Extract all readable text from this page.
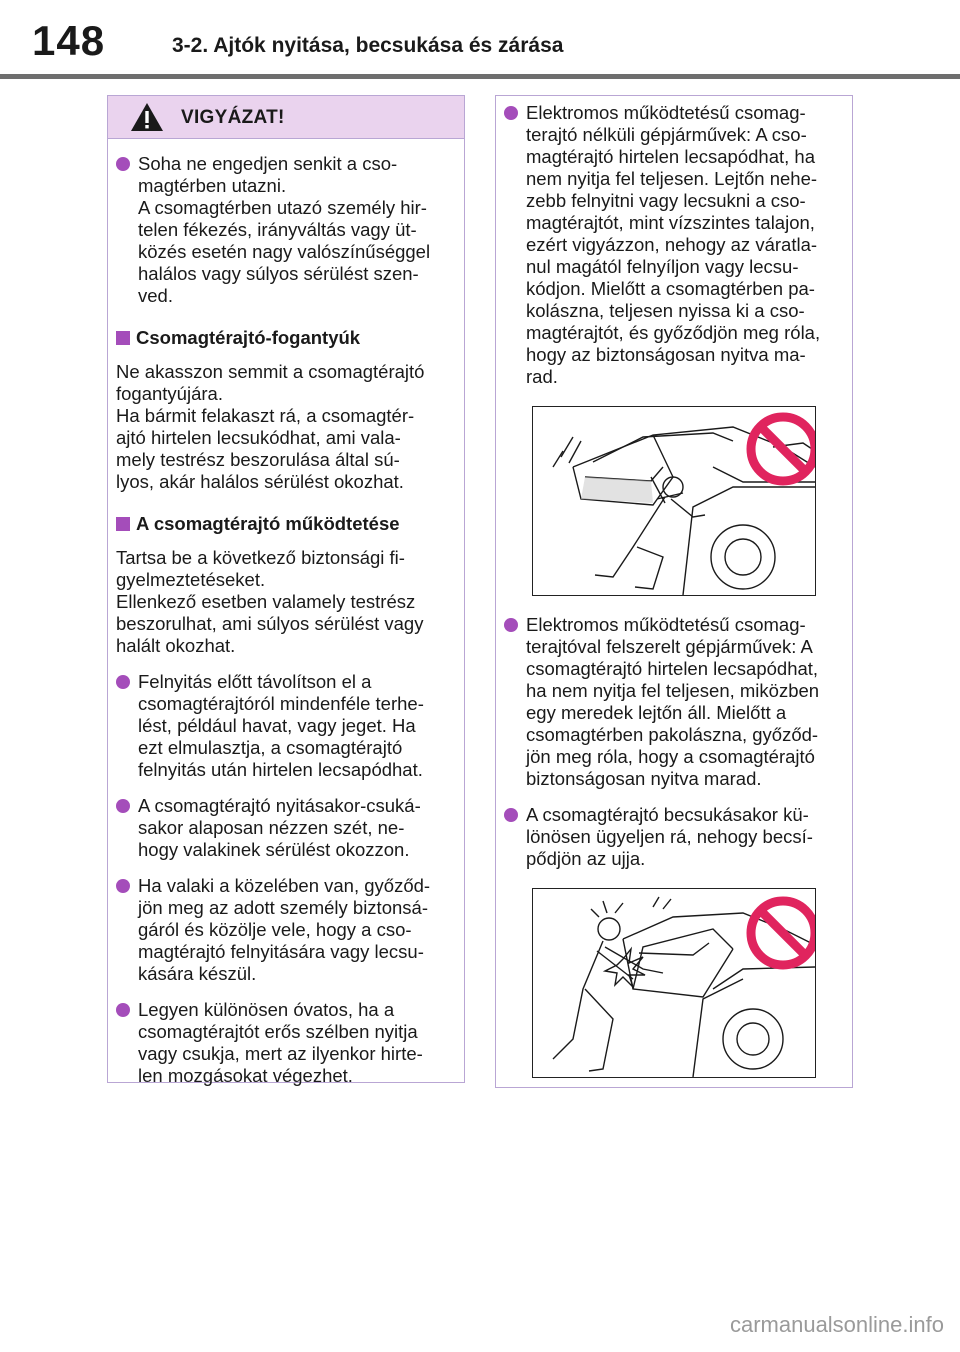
148	3-2. Ajtók nyitása, becsukása és zárása
VIGYÁZAT!
Soha ne engedjen senkit a cso-
magtérben utazni.
A csomagtérben utazó személy hir-
telen fékezés, irányváltás vagy üt-
közés esetén nagy valószínűséggel
halálos vagy súlyos sérülést szen-
ved.
Csomagtérajtó-fogantyúk
Ne akasszon semmit a csomagtérajtó
fogantyújára.
Ha bármit felakaszt rá, a csomagtér-
ajtó hirtelen lecsukódhat, ami vala-
mely testrész beszorulása által sú-
lyos, akár halálos sérülést okozhat.
A csomagtérajtó működtetése
Tartsa be a következő biztonsági fi-
gyelmeztetéseket.
Ellenkező esetben valamely testrész
beszorulhat, ami súlyos sérülést vagy
halált okozhat.
Felnyitás előtt távolítson el a
csomagtérajtóról mindenféle terhe-
lést, például havat, vagy jeget. Ha
ezt elmulasztja, a csomagtérajtó
felnyitás után hirtelen lecsapódhat.
A csomagtérajtó nyitásakor-csuká-
sakor alaposan nézzen szét, ne-
hogy valakinek sérülést okozzon.
Ha valaki a közelében van, győződ-
jön meg az adott személy biztonsá-
gáról és közölje vele, hogy a cso-
magtérajtó felnyitására vagy lecsu-
kására készül.
Legyen különösen óvatos, ha a
csomagtérajtót erős szélben nyitja
vagy csukja, mert az ilyenkor hirte-
len mozgásokat végezhet.
Elektromos működtetésű csomag-
terajtó nélküli gépjárművek: A cso-
magtérajtó hirtelen lecsapódhat, ha
nem nyitja fel teljesen. Lejtőn nehe-
zebb felnyitni vagy lecsukni a cso-
magtérajtót, mint vízszintes talajon,
ezért vigyázzon, nehogy az váratla-
nul magától felnyíljon vagy lecsu-
kódjon. Mielőtt a csomagtérben pa-
kolászna, teljesen nyissa ki a cso-
magtérajtót, és győződjön meg róla,
hogy az biztonságosan nyitva ma-
rad.
Elektromos működtetésű csomag-
terajtóval felszerelt gépjárművek: A
csomagtérajtó hirtelen lecsapódhat,
ha nem nyitja fel teljesen, miközben
egy meredek lejtőn áll. Mielőtt a
csomagtérben pakolászna, győződ-
jön meg róla, hogy a csomagtérajtó
biztonságosan nyitva marad.
A csomagtérajtó becsukásakor kü-
lönösen ügyeljen rá, nehogy becsí-
pődjön az ujja.
carmanualsonline.info
